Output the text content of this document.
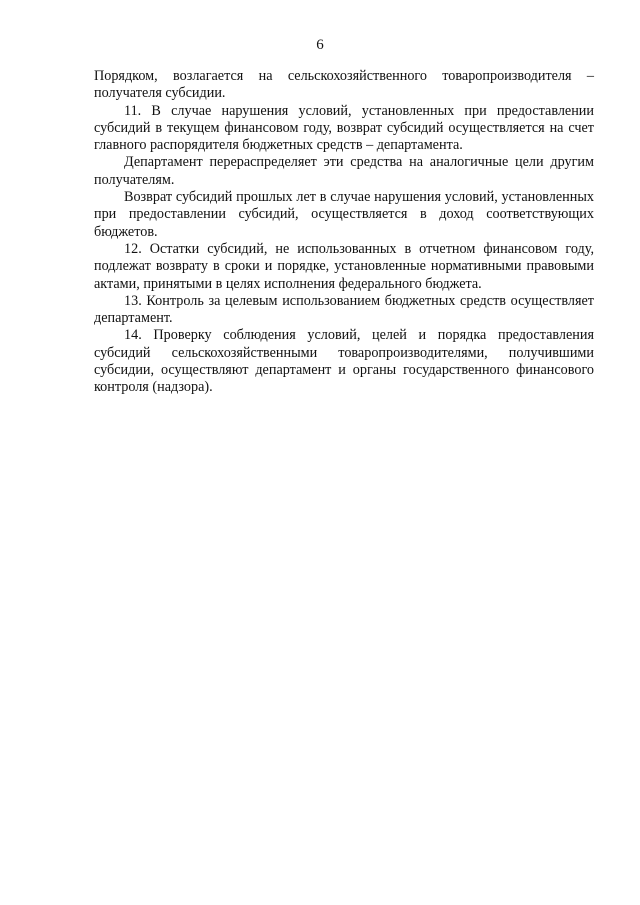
6

Порядком, возлагается на сельскохозяйственного товаропроизводителя – получателя субсидии.

11. В случае нарушения условий, установленных при предоставлении субсидий в текущем финансовом году, возврат субсидий осуществляется на счет главного распорядителя бюджетных средств – департамента.

Департамент перераспределяет эти средства на аналогичные цели другим получателям.

Возврат субсидий прошлых лет в случае нарушения условий, установленных при предоставлении субсидий, осуществляется в доход соответствующих бюджетов.

12. Остатки субсидий, не использованных в отчетном финансовом году, подлежат возврату в сроки и порядке, установленные нормативными правовыми актами, принятыми в целях исполнения федерального бюджета.

13. Контроль за целевым использованием бюджетных средств осуществляет департамент.

14. Проверку соблюдения условий, целей и порядка предоставления субсидий сельскохозяйственными товаропроизводителями, получившими субсидии, осуществляют департамент и органы государственного финансового контроля (надзора).
